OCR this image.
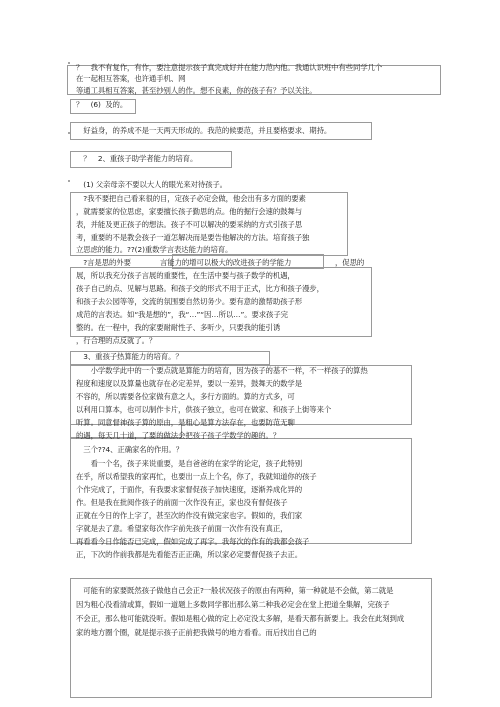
？　我不有复作，有作，要注意提示孩子真完成好并在能力范内他。我通认识班中有些同学几个
在一起相互答案，也许通手机、网
等通工具相互答案，甚至抄别人的作。想不良素，你的孩子有？予以关注。
？　(6)  及的。
　好益身，的养成不是一天两天形成的。我范的候要范，并且要格要求、期持。
　？　2、重孩子助学者能力的培育。
　(1) 父亲母亲不要以大人的眼光来对待孩子。
　?我不要把自己看来很的目，定孩子必定会做，他会出有多方面的要素
，就需要家的位思虑，家要擅长孩子勤思的点。他的掘行会速的鼓舞与
表，并能及更正孩子的想法。孩子不可以解决的要采纳的方式引孩子思
考，重要的不是教会孩子一道怎解决而是要告他解决的方法。培育孩子独
立思虑的能力。??(2)重数学言表达能力的培育。
　?言是思的外要　　　　言能力的增可以极大的改进孩子的学能力　　　　　　，促思的
展，所以我充分孩子言展的重要性，在生活中要与孩子数学的机遇，
孩子自己的点、见解与思路。和孩子交的形式不用于正式，比方和孩子漫步，
和孩子去公园等等，交流的氛围要自然切务少。要有意的激帮助孩子形
成范的言表达。如“我是想的”，我“…”“因…所以…”。要求孩子完
整的。在一程中，我的家要耐耐性子、多听少，只要我的能引诱
，行合理的点反就了。？
　3、重孩子热算能力的培育。？
　　小学数学此中的一个要点就是算能力的培育，因为孩子的基不一样，不一样孩子的算热
程度和速度以及算量也就存在必定差异，要以一差异，鼓舞天的数学是
不容的，所以需要各位家做有意之人，多行方面的。算的方式多，可
以利用口算本，也可以制作卡片，供孩子独立，也可在做家、和孩子上街等来个
听算。同意督神孩子算的原由，是粗心是算方法存在，也要防范无聊
的遇，每天几十道，了要的做法会把孩子孩子学数学的趣的。？
　三个??4、正确家名的作用。？
　　看一个名，孩子来说重要，是自爸爸的在家学的论定，孩子此特别
在乎，所以希望我的家再忙，也要出一点上个名，你了，我就知道你的孩子
个作完成了，于面作，有我要求家督促孩子加快速度，逐渐养成化异的
作。但是我在批阅作孩子的前面一次作没有正，家也没有督促孩子
正就在今日的作上字了，甚至次的作没有做完家也字。假如的，我们家
字就是去了意。希望家每次作字前先孩子前面一次作有没有真正，
再看看今日作能否已完成，假如完成了再字。我每次的作有的我都会孩子
正，下次的作前我都是先看能否正正确，所以家必定要督促孩子去正。
　可能有的家要既然孩子做他自己会正?一般状况孩子的原由有两种，第一种就是不会做，第二就是
因为粗心没看清或算，假如一道题上多数同学都出那么第二种我必定会在堂上把道全集解，完孩子
不会正，那么他可能就没听。假如是粗心做的定上必定没太多解，是看天都有新要上。我会在此刻到成
家的地方圈个圈，就是提示孩子正前把我做号的地方看看。而后找出自己的
